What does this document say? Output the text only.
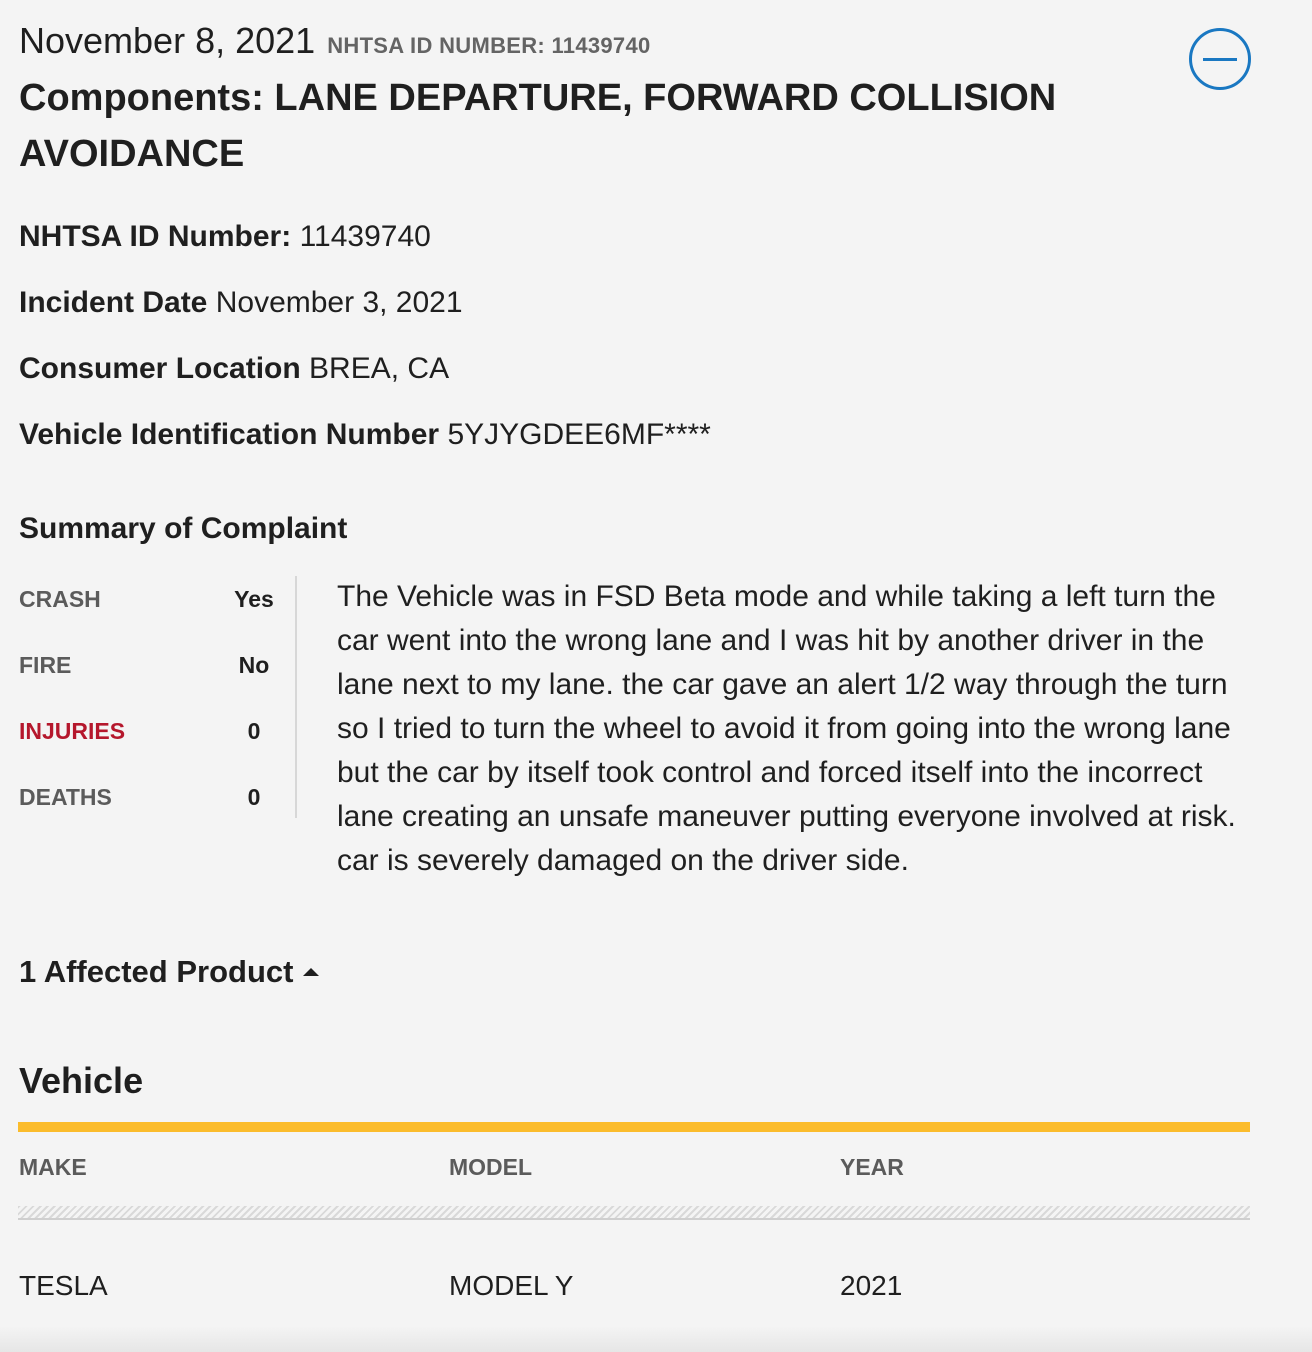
November 8, 2021 NHTSA ID NUMBER: 11439740
Components: LANE DEPARTURE, FORWARD COLLISION AVOIDANCE
NHTSA ID Number: 11439740
Incident Date November 3, 2021
Consumer Location BREA, CA
Vehicle Identification Number 5YJYGDEE6MF****
Summary of Complaint
CRASH	Yes
FIRE	No
INJURIES	0
DEATHS	0
The Vehicle was in FSD Beta mode and while taking a left turn the car went into the wrong lane and I was hit by another driver in the lane next to my lane. the car gave an alert 1/2 way through the turn so I tried to turn the wheel to avoid it from going into the wrong lane but the car by itself took control and forced itself into the incorrect lane creating an unsafe maneuver putting everyone involved at risk. car is severely damaged on the driver side.
1 Affected Product
Vehicle
MAKE	MODEL	YEAR
TESLA	MODEL Y	2021
